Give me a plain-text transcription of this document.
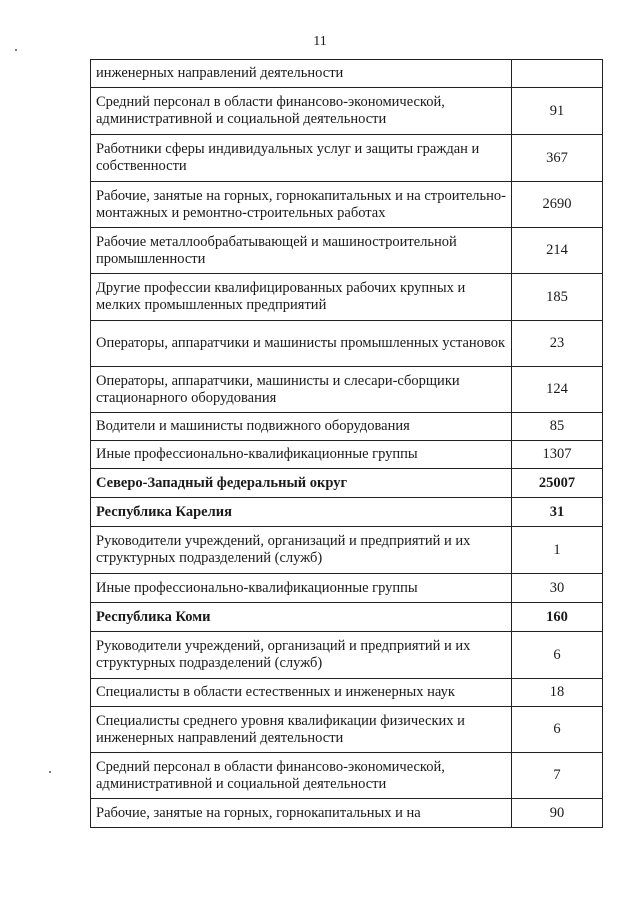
11
инженерных направлений деятельности	
Средний персонал в области финансово-экономической, административной и социальной деятельности	91
Работники сферы индивидуальных услуг и защиты граждан и собственности	367
Рабочие, занятые на горных, горнокапитальных и на строительно-монтажных и ремонтно-строительных работах	2690
Рабочие металлообрабатывающей и машиностроительной промышленности	214
Другие профессии квалифицированных рабочих крупных и мелких промышленных предприятий	185
Операторы, аппаратчики и машинисты промышленных установок	23
Операторы, аппаратчики, машинисты и слесари-сборщики стационарного оборудования	124
Водители и машинисты подвижного оборудования	85
Иные профессионально-квалификационные группы	1307
Северо-Западный федеральный округ	25007
Республика Карелия	31
Руководители учреждений, организаций и предприятий и их структурных подразделений (служб)	1
Иные профессионально-квалификационные группы	30
Республика Коми	160
Руководители учреждений, организаций и предприятий и их структурных подразделений (служб)	6
Специалисты в области естественных и инженерных наук	18
Специалисты среднего уровня квалификации физических и инженерных направлений деятельности	6
Средний персонал в области финансово-экономической, административной и социальной деятельности	7
Рабочие, занятые на горных, горнокапитальных и на	90
